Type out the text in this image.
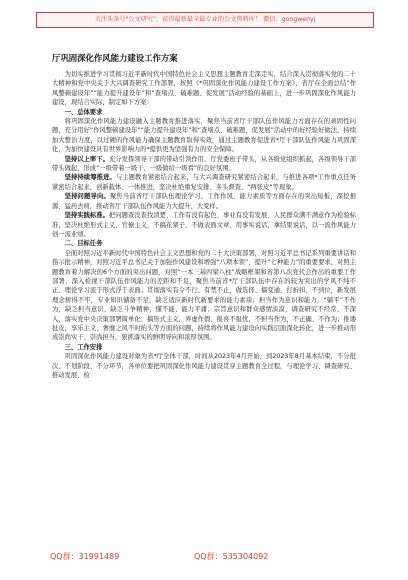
关注头条号"公文研究"，获得最新最全最专业的公文资料库！ 微信：gongwenyj
厅巩固深化作风能力建设工作方案

为切实推进学习贯彻习近平新时代中国特色社会主义思想主题教育走深走实，结合深入贯彻落实党的二十大精神和党中央关于大兴调查研究工作部署，按照《*巩固深化作风能力建设工作方案》，省厅在全面总结“作风整顿建设年”“能力提升建设年”和“查堵点、破难题、促发展”活动经验的基础上，进一步巩固深化作风能力建设，现结合实际，制定如下方案：

一、总体要求

将巩固深化作风能力建设融入主题教育推进落实，聚焦当前省厅干部队伍作风能力方面存在的顽固性问题，充分用好“作风整顿建设年”“能力提升建设年”和“查堵点、破难题、促发展”活动中的好经验好做法，持续加大整治力度，以过硬的作风能力确保主题教育取得实效，通过主题教育促进省*厅干部队伍作风能力巩固深化，为加快建设具有世界影响力的*提供更为坚强有力的安全保障。

坚持以上率下。充分发挥领导干部的带动引领作用，厅党委班子带头，从各级党组织抓起，各级领导干部带头做起，形成“一级带着一级干、一级做给一级看”的良好氛围。

坚持持续筹推进。与主题教育紧密结合起来，与大兴调查研究紧密结合起来，与推进各项*工作重点任务紧密结合起来，创新载体、一体推进，坚决杜绝重复安排、多头督查、“两张皮”等现象。

坚持问题导向。聚焦当前省厅干部队伍理论学习、工作作风、能力素质等方面存在的突出短板，深挖根源、猛药去疴，推动省厅干部队伍作风能力大提升、大变样。

坚持实践标准。把问题查没查找清楚、工作有没有起色、事业有没有发展、人民群众满不满意作为检验标准，坚决杜绝形式主义、官僚主义，不搞花架子、不做表面文章，用事实说话，拿结果说话，以一流作风能力创一流业绩。

二、目标任务

全面对照习近平新时代中国特色社会主义思想和党的二十大決策部署，对照习近平总书记系列重要讲话和指示批示精神，对照习近平总书记关于加强作风建设和增强“八项本领”，提升“七种能力”的重要要求，对照主题教育着力解决的6个方面的突出问题，对照“一本三基四梁八柱”战略框架和省第八次党代会作出的重要工作部署，深入检视干部队伍作风能力的差距和不足，聚焦当前省*厅干部队伍中存在的较为突出的学风不纯不正、理论学习流于形式浮于表面；贯彻落实有令不行、有禁不止，做选择、搞变通、打折扣、不到位，新发展理念树得不牢，专业知识储备不足，缺乏适应新时代新要求的能力素质；担当作为意识和能力，“躺平”不作为，缺乏担当意识、缺乏斗争精神，懂不能、能力平庸；宗旨意识和群众感情淡漠，调查研究不经常、不深入，落实党中央决策部署简单化、搞形式主义，弄虚作假、报喜不报忧，不担当作为，不正确、不作为；推诿扯皮，享乐主义、奢靡之风不时抬头等方面的问题，持续将作风能力建设向实践层面深化转化，进一步推动形成崇尚实干、崇尚担当，狠抓落实的鲜明导向和浓厚氛围。

三、工作安排

巩固深化作风能力建设对象为省*厅全体干部，时间从2023年4月开始，到2023年8月基本结束，不分批次、不划阶段、不分环节，各单位要把巩固深化作风能力建设贯穿主题教育全过程，与理论学习、调查研究、推动发展、检

QQ群：31991489	QQ群：535304092
